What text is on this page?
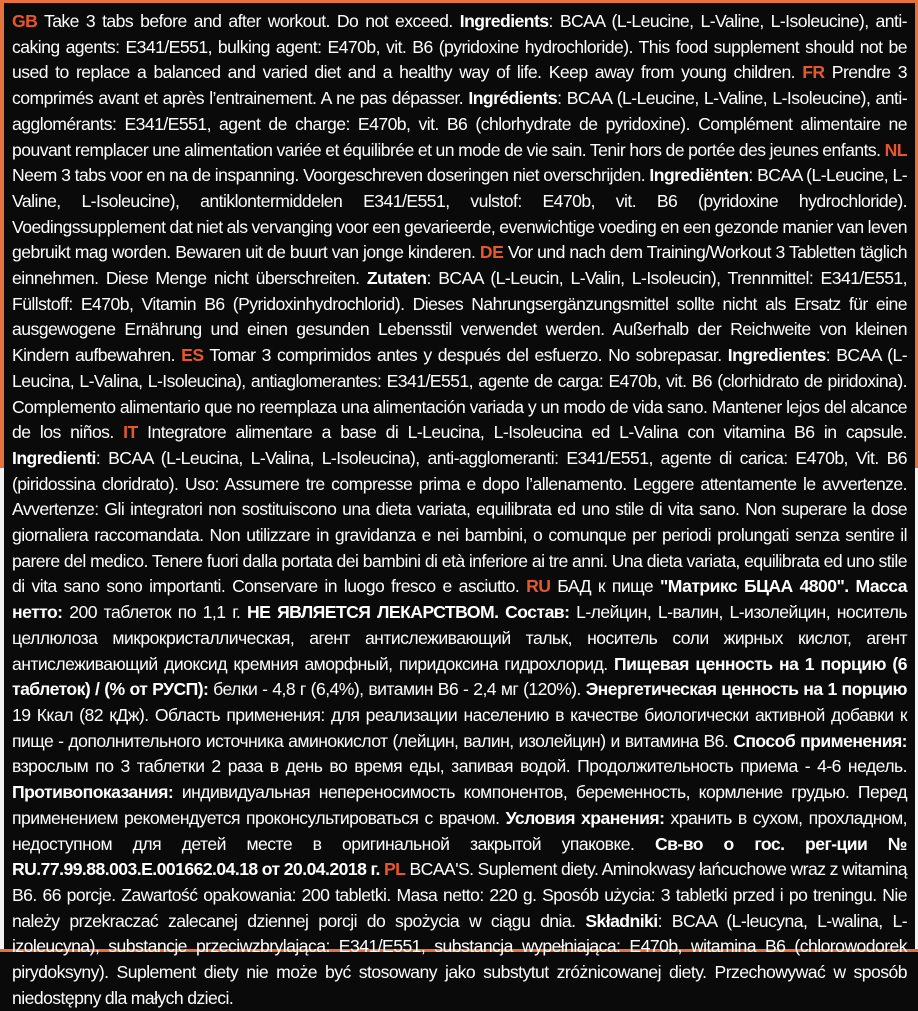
GB Take 3 tabs before and after workout. Do not exceed. Ingredients: BCAA (L-Leucine, L-Valine, L-Isoleucine), anti-caking agents: E341/E551, bulking agent: E470b, vit. B6 (pyridoxine hydrochloride). This food supplement should not be used to replace a balanced and varied diet and a healthy way of life. Keep away from young children. FR Prendre 3 comprimés avant et après l’entrainement. A ne pas dépasser. Ingrédients: BCAA (L-Leucine, L-Valine, L-Isoleucine), anti-agglomérants: E341/E551, agent de charge: E470b, vit. B6 (chlorhydrate de pyridoxine). Complément alimentaire ne pouvant remplacer une alimentation variée et équilibrée et un mode de vie sain. Tenir hors de portée des jeunes enfants. NL Neem 3 tabs voor en na de inspanning. Voorgeschreven doseringen niet overschrijden. Ingrediënten: BCAA (L-Leucine, L-Valine, L-Isoleucine), antiklontermiddelen E341/E551, vulstof: E470b, vit. B6 (pyridoxine hydrochloride). Voedingssupplement dat niet als vervanging voor een gevarieerde, evenwichtige voeding en een gezonde manier van leven gebruikt mag worden. Bewaren uit de buurt van jonge kinderen. DE Vor und nach dem Training/Workout 3 Tabletten täglich einnehmen. Diese Menge nicht überschreiten. Zutaten: BCAA (L-Leucin, L-Valin, L-Isoleucin), Trennmittel: E341/E551, Füllstoff: E470b, Vitamin B6 (Pyridoxinhydrochlorid). Dieses Nahrungsergänzungsmittel sollte nicht als Ersatz für eine ausgewogene Ernährung und einen gesunden Lebensstil verwendet werden. Außerhalb der Reichweite von kleinen Kindern aufbewahren. ES Tomar 3 comprimidos antes y después del esfuerzo. No sobrepasar. Ingredientes: BCAA (L-Leucina, L-Valina, L-Isoleucina), antiaglomerantes: E341/E551, agente de carga: E470b, vit. B6 (clorhidrato de piridoxina). Complemento alimentario que no reemplaza una alimentación variada y un modo de vida sano. Mantener lejos del alcance de los niños. IT Integratore alimentare a base di L-Leucina, L-Isoleucina ed L-Valina con vitamina B6 in capsule. Ingredienti: BCAA (L-Leucina, L-Valina, L-Isoleucina), anti-agglomeranti: E341/E551, agente di carica: E470b, Vit. B6 (piridossina cloridrato). Uso: Assumere tre compresse prima e dopo l’allenamento. Leggere attentamente le avvertenze. Avvertenze: Gli integratori non sostituiscono una dieta variata, equilibrata ed uno stile di vita sano. Non superare la dose giornaliera raccomandata. Non utilizzare in gravidanza e nei bambini, o comunque per periodi prolungati senza sentire il parere del medico. Tenere fuori dalla portata dei bambini di età inferiore ai tre anni. Una dieta variata, equilibrata ed uno stile di vita sano sono importanti. Conservare in luogo fresco e asciutto. RU БАД к пище "Матрикс БЦАА 4800". Масса нетто: 200 таблеток по 1,1 г. НЕ ЯВЛЯЕТСЯ ЛЕКАРСТВОМ. Состав: L-лейцин, L-валин, L-изолейцин, носитель целлюлоза микрокристаллическая, агент антислеживающий тальк, носитель соли жирных кислот, агент антислеживающий диоксид кремния аморфный, пиридоксина гидрохлорид. Пищевая ценность на 1 порцию (6 таблеток) / (% от РУСП): белки - 4,8 г (6,4%), витамин B6 - 2,4 мг (120%). Энергетическая ценность на 1 порцию 19 Ккал (82 кДж). Область применения: для реализации населению в качестве биологически активной добавки к пище - дополнительного источника аминокислот (лейцин, валин, изолейцин) и витамина B6. Способ применения: взрослым по 3 таблетки 2 раза в день во время еды, запивая водой. Продолжительность приема - 4-6 недель. Противопоказания: индивидуальная непереносимость компонентов, беременность, кормление грудью. Перед применением рекомендуется проконсультироваться с врачом. Условия хранения: хранить в сухом, прохладном, недоступном для детей месте в оригинальной закрытой упаковке. Св-во о гос. рег-ции № RU.77.99.88.003.E.001662.04.18 от 20.04.2018 г. PL BCAA'S. Suplement diety. Aminokwasy łańcuchowe wraz z witaminą B6. 66 porcje. Zawartość opakowania: 200 tabletki. Masa netto: 220 g. Sposób użycia: 3 tabletki przed i po treningu. Nie należy przekraczać zalecanej dziennej porcji do spożycia w ciągu dnia. Składniki: BCAA (L-leucyna, L-walina, L-izoleucyna), substancje przeciwzbrylająca: E341/E551, substancja wypełniająca: E470b, witamina B6 (chlorowodorek pirydoksyny). Suplement diety nie może być stosowany jako substytut zróżnicowanej diety. Przechowywać w sposób niedostępny dla małych dzieci.
